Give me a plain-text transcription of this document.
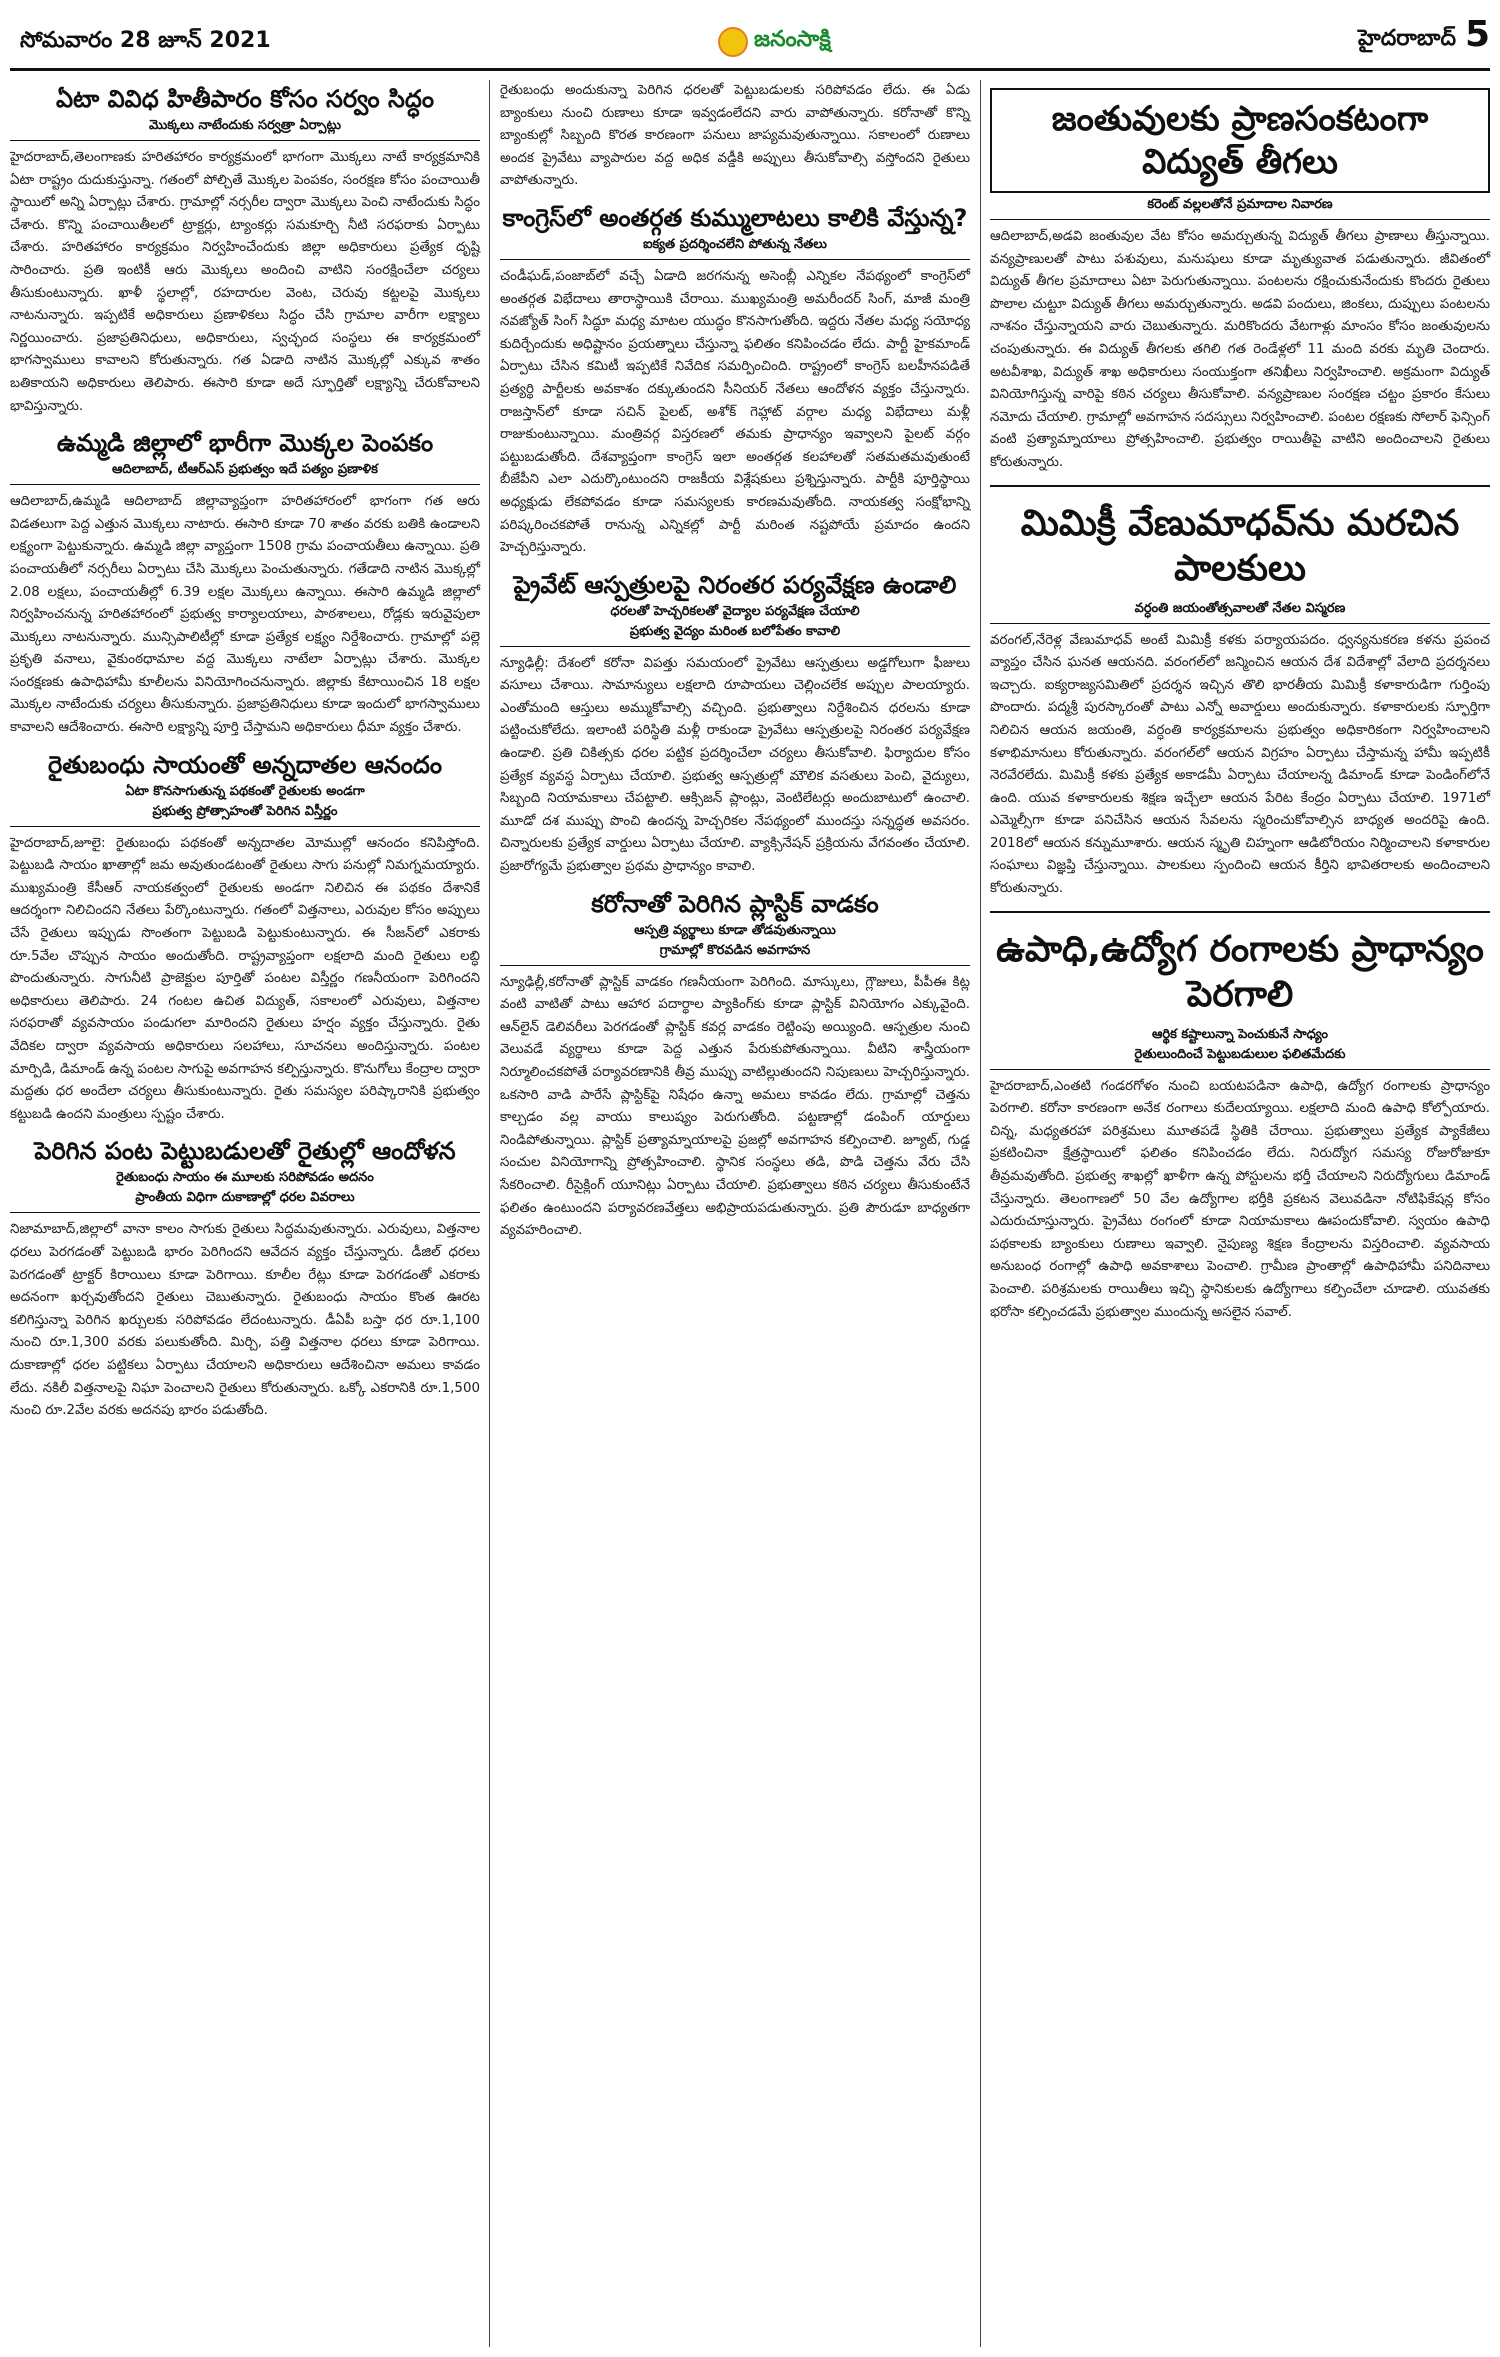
సోమవారం 28 జూన్ 2021	జనంసాక్షి	హైదరాబాద్ 5
ఏటా వివిధ హితీపారం కోసం సర్వం సిద్ధం
మొక్కలు నాటేందుకు సర్వత్రా ఏర్పాట్లు
హైదరాబాద్,తెలంగాణకు హరితహారం కార్యక్రమంలో భాగంగా మొక్కలు నాటే కార్యక్రమానికి ఏటా రాష్ట్రం దుదుకుస్తున్నా. గతంలో పోల్చితే మొక్కల పెంపకం, సంరక్షణ కోసం పంచాయితీ స్థాయిలో అన్ని ఏర్పాట్లు చేశారు. గ్రామాల్లో నర్సరీల ద్వారా మొక్కలు పెంచి నాటేందుకు సిద్ధం చేశారు. కొన్ని పంచాయితీలలో ట్రాక్టర్లు, ట్యాంకర్లు సమకూర్చి నీటి సరఫరాకు ఏర్పాటు చేశారు. హరితహారం కార్యక్రమం నిర్వహించేందుకు జిల్లా అధికారులు ప్రత్యేక దృష్టి సారించారు. ప్రతి ఇంటికీ ఆరు మొక్కలు అందించి వాటిని సంరక్షించేలా చర్యలు తీసుకుంటున్నారు. ఖాళీ స్థలాల్లో, రహదారుల వెంట, చెరువు కట్టలపై మొక్కలు నాటనున్నారు. ఇప్పటికే అధికారులు ప్రణాళికలు సిద్ధం చేసి గ్రామాల వారీగా లక్ష్యాలు నిర్ణయించారు. ప్రజాప్రతినిధులు, అధికారులు, స్వచ్ఛంద సంస్థలు ఈ కార్యక్రమంలో భాగస్వాములు కావాలని కోరుతున్నారు. గత ఏడాది నాటిన మొక్కల్లో ఎక్కువ శాతం బతికాయని అధికారులు తెలిపారు. ఈసారి కూడా అదే స్ఫూర్తితో లక్ష్యాన్ని చేరుకోవాలని భావిస్తున్నారు.
ఉమ్మడి జిల్లాలో భారీగా మొక్కల పెంపకం
ఆదిలాబాద్, టీఆర్‌ఎస్ ప్రభుత్వం ఇదే పత్యం ప్రణాళిక
ఆదిలాబాద్,ఉమ్మడి ఆదిలాబాద్ జిల్లావ్యాప్తంగా హరితహారంలో భాగంగా గత ఆరు విడతలుగా పెద్ద ఎత్తున మొక్కలు నాటారు. ఈసారి కూడా 70 శాతం వరకు బతికి ఉండాలని లక్ష్యంగా పెట్టుకున్నారు. ఉమ్మడి జిల్లా వ్యాప్తంగా 1508 గ్రామ పంచాయతీలు ఉన్నాయి. ప్రతి పంచాయతీలో నర్సరీలు ఏర్పాటు చేసి మొక్కలు పెంచుతున్నారు. గతేడాది నాటిన మొక్కల్లో 2.08 లక్షలు, పంచాయతీల్లో 6.39 లక్షల మొక్కలు ఉన్నాయి. ఈసారి ఉమ్మడి జిల్లాలో నిర్వహించనున్న హరితహారంలో ప్రభుత్వ కార్యాలయాలు, పాఠశాలలు, రోడ్లకు ఇరువైపులా మొక్కలు నాటనున్నారు. మున్సిపాలిటీల్లో కూడా ప్రత్యేక లక్ష్యం నిర్దేశించారు. గ్రామాల్లో పల్లె ప్రకృతి వనాలు, వైకుంఠధామాల వద్ద మొక్కలు నాటేలా ఏర్పాట్లు చేశారు. మొక్కల సంరక్షణకు ఉపాధిహామీ కూలీలను వినియోగించనున్నారు. జిల్లాకు కేటాయించిన 18 లక్షల మొక్కల నాటేందుకు చర్యలు తీసుకున్నారు. ప్రజాప్రతినిధులు కూడా ఇందులో భాగస్వాములు కావాలని ఆదేశించారు. ఈసారి లక్ష్యాన్ని పూర్తి చేస్తామని అధికారులు ధీమా వ్యక్తం చేశారు.
రైతుబంధు సాయంతో అన్నదాతల ఆనందం
ఏటా కొనసాగుతున్న పథకంతో రైతులకు అండగా
ప్రభుత్వ ప్రోత్సాహంతో పెరిగిన విస్తీర్ణం
హైదరాబాద్,జూలై: రైతుబంధు పథకంతో అన్నదాతల మోముల్లో ఆనందం కనిపిస్తోంది. పెట్టుబడి సాయం ఖాతాల్లో జమ అవుతుండటంతో రైతులు సాగు పనుల్లో నిమగ్నమయ్యారు. ముఖ్యమంత్రి కేసీఆర్ నాయకత్వంలో రైతులకు అండగా నిలిచిన ఈ పథకం దేశానికే ఆదర్శంగా నిలిచిందని నేతలు పేర్కొంటున్నారు. గతంలో విత్తనాలు, ఎరువుల కోసం అప్పులు చేసే రైతులు ఇప్పుడు సొంతంగా పెట్టుబడి పెట్టుకుంటున్నారు. ఈ సీజన్‌లో ఎకరాకు రూ.5వేల చొప్పున సాయం అందుతోంది. రాష్ట్రవ్యాప్తంగా లక్షలాది మంది రైతులు లబ్ధి పొందుతున్నారు. సాగునీటి ప్రాజెక్టుల పూర్తితో పంటల విస్తీర్ణం గణనీయంగా పెరిగిందని అధికారులు తెలిపారు. 24 గంటల ఉచిత విద్యుత్, సకాలంలో ఎరువులు, విత్తనాల సరఫరాతో వ్యవసాయం పండుగలా మారిందని రైతులు హర్షం వ్యక్తం చేస్తున్నారు. రైతు వేదికల ద్వారా వ్యవసాయ అధికారులు సలహాలు, సూచనలు అందిస్తున్నారు. పంటల మార్పిడి, డిమాండ్ ఉన్న పంటల సాగుపై అవగాహన కల్పిస్తున్నారు. కొనుగోలు కేంద్రాల ద్వారా మద్దతు ధర అందేలా చర్యలు తీసుకుంటున్నారు. రైతు సమస్యల పరిష్కారానికి ప్రభుత్వం కట్టుబడి ఉందని మంత్రులు స్పష్టం చేశారు.
పెరిగిన పంట పెట్టుబడులతో రైతుల్లో ఆందోళన
రైతుబంధు సాయం ఈ మూలకు సరిపోవడం అదనం
ప్రాంతీయ విధిగా దుకాణాల్లో ధరల వివరాలు
నిజామాబాద్,జిల్లాలో వానా కాలం సాగుకు రైతులు సిద్ధమవుతున్నారు. ఎరువులు, విత్తనాల ధరలు పెరగడంతో పెట్టుబడి భారం పెరిగిందని ఆవేదన వ్యక్తం చేస్తున్నారు. డీజిల్ ధరలు పెరగడంతో ట్రాక్టర్ కిరాయిలు కూడా పెరిగాయి. కూలీల రేట్లు కూడా పెరగడంతో ఎకరాకు అదనంగా ఖర్చవుతోందని రైతులు చెబుతున్నారు. రైతుబంధు సాయం కొంత ఊరట కలిగిస్తున్నా పెరిగిన ఖర్చులకు సరిపోవడం లేదంటున్నారు. డీఏపీ బస్తా ధర రూ.1,100 నుంచి రూ.1,300 వరకు పలుకుతోంది. మిర్చి, పత్తి విత్తనాల ధరలు కూడా పెరిగాయి. దుకాణాల్లో ధరల పట్టికలు ఏర్పాటు చేయాలని అధికారులు ఆదేశించినా అమలు కావడం లేదు. నకిలీ విత్తనాలపై నిఘా పెంచాలని రైతులు కోరుతున్నారు. ఒక్కో ఎకరానికి రూ.1,500 నుంచి రూ.2వేల వరకు అదనపు భారం పడుతోంది.
రైతుబంధు అందుకున్నా పెరిగిన ధరలతో పెట్టుబడులకు సరిపోవడం లేదు. ఈ ఏడు బ్యాంకులు నుంచి రుణాలు కూడా ఇవ్వడంలేదని వారు వాపోతున్నారు. కరోనాతో కొన్ని బ్యాంకుల్లో సిబ్బంది కొరత కారణంగా పనులు జాప్యమవుతున్నాయి. సకాలంలో రుణాలు అందక ప్రైవేటు వ్యాపారుల వద్ద అధిక వడ్డీకి అప్పులు తీసుకోవాల్సి వస్తోందని రైతులు వాపోతున్నారు.
కాంగ్రెస్‌లో అంతర్గత కుమ్ములాటలు కాలికి వేస్తున్న?
ఐక్యత ప్రదర్శించలేని పోతున్న నేతలు
చండీఘడ్,పంజాబ్‌లో వచ్చే ఏడాది జరగనున్న అసెంబ్లీ ఎన్నికల నేపథ్యంలో కాంగ్రెస్‌లో అంతర్గత విభేదాలు తారాస్థాయికి చేరాయి. ముఖ్యమంత్రి అమరీందర్ సింగ్, మాజీ మంత్రి నవజ్యోత్ సింగ్ సిద్ధూ మధ్య మాటల యుద్ధం కొనసాగుతోంది. ఇద్దరు నేతల మధ్య సయోధ్య కుదిర్చేందుకు అధిష్టానం ప్రయత్నాలు చేస్తున్నా ఫలితం కనిపించడం లేదు. పార్టీ హైకమాండ్ ఏర్పాటు చేసిన కమిటీ ఇప్పటికే నివేదిక సమర్పించింది. రాష్ట్రంలో కాంగ్రెస్ బలహీనపడితే ప్రత్యర్థి పార్టీలకు అవకాశం దక్కుతుందని సీనియర్ నేతలు ఆందోళన వ్యక్తం చేస్తున్నారు. రాజస్తాన్‌లో కూడా సచిన్ పైలట్, అశోక్ గెహ్లాట్ వర్గాల మధ్య విభేదాలు మళ్లీ రాజుకుంటున్నాయి. మంత్రివర్గ విస్తరణలో తమకు ప్రాధాన్యం ఇవ్వాలని పైలట్ వర్గం పట్టుబడుతోంది. దేశవ్యాప్తంగా కాంగ్రెస్ ఇలా అంతర్గత కలహాలతో సతమతమవుతుంటే బీజేపీని ఎలా ఎదుర్కొంటుందని రాజకీయ విశ్లేషకులు ప్రశ్నిస్తున్నారు. పార్టీకి పూర్తిస్థాయి అధ్యక్షుడు లేకపోవడం కూడా సమస్యలకు కారణమవుతోంది. నాయకత్వ సంక్షోభాన్ని పరిష్కరించకపోతే రానున్న ఎన్నికల్లో పార్టీ మరింత నష్టపోయే ప్రమాదం ఉందని హెచ్చరిస్తున్నారు.
ప్రైవేట్ ఆస్పత్రులపై నిరంతర పర్యవేక్షణ ఉండాలి
ధరలతో హెచ్చరికలతో వైద్యాల పర్యవేక్షణ చేయాలి
ప్రభుత్వ వైద్యం మరింత బలోపేతం కావాలి
న్యూఢిల్లీ: దేశంలో కరోనా విపత్తు సమయంలో ప్రైవేటు ఆస్పత్రులు అడ్డగోలుగా ఫీజులు వసూలు చేశాయి. సామాన్యులు లక్షలాది రూపాయలు చెల్లించలేక అప్పుల పాలయ్యారు. ఎంతోమంది ఆస్తులు అమ్ముకోవాల్సి వచ్చింది. ప్రభుత్వాలు నిర్దేశించిన ధరలను కూడా పట్టించుకోలేదు. ఇలాంటి పరిస్థితి మళ్లీ రాకుండా ప్రైవేటు ఆస్పత్రులపై నిరంతర పర్యవేక్షణ ఉండాలి. ప్రతి చికిత్సకు ధరల పట్టిక ప్రదర్శించేలా చర్యలు తీసుకోవాలి. ఫిర్యాదుల కోసం ప్రత్యేక వ్యవస్థ ఏర్పాటు చేయాలి. ప్రభుత్వ ఆస్పత్రుల్లో మౌలిక వసతులు పెంచి, వైద్యులు, సిబ్బంది నియామకాలు చేపట్టాలి. ఆక్సిజన్ ప్లాంట్లు, వెంటిలేటర్లు అందుబాటులో ఉంచాలి. మూడో దశ ముప్పు పొంచి ఉందన్న హెచ్చరికల నేపథ్యంలో ముందస్తు సన్నద్ధత అవసరం. చిన్నారులకు ప్రత్యేక వార్డులు ఏర్పాటు చేయాలి. వ్యాక్సినేషన్ ప్రక్రియను వేగవంతం చేయాలి. ప్రజారోగ్యమే ప్రభుత్వాల ప్రథమ ప్రాధాన్యం కావాలి.
కరోనాతో పెరిగిన ప్లాస్టిక్ వాడకం
ఆస్పత్రి వ్యర్థాలు కూడా తోడవుతున్నాయి
గ్రామాల్లో కొరవడిన అవగాహన
న్యూఢిల్లీ,కరోనాతో ప్లాస్టిక్ వాడకం గణనీయంగా పెరిగింది. మాస్కులు, గ్లౌజులు, పీపీఈ కిట్ల వంటి వాటితో పాటు ఆహార పదార్థాల ప్యాకింగ్‌కు కూడా ప్లాస్టిక్ వినియోగం ఎక్కువైంది. ఆన్‌లైన్ డెలివరీలు పెరగడంతో ప్లాస్టిక్ కవర్ల వాడకం రెట్టింపు అయ్యింది. ఆస్పత్రుల నుంచి వెలువడే వ్యర్థాలు కూడా పెద్ద ఎత్తున పేరుకుపోతున్నాయి. వీటిని శాస్త్రీయంగా నిర్మూలించకపోతే పర్యావరణానికి తీవ్ర ముప్పు వాటిల్లుతుందని నిపుణులు హెచ్చరిస్తున్నారు. ఒకసారి వాడి పారేసే ప్లాస్టిక్‌పై నిషేధం ఉన్నా అమలు కావడం లేదు. గ్రామాల్లో చెత్తను కాల్చడం వల్ల వాయు కాలుష్యం పెరుగుతోంది. పట్టణాల్లో డంపింగ్ యార్డులు నిండిపోతున్నాయి. ప్లాస్టిక్ ప్రత్యామ్నాయాలపై ప్రజల్లో అవగాహన కల్పించాలి. జ్యూట్, గుడ్డ సంచుల వినియోగాన్ని ప్రోత్సహించాలి. స్థానిక సంస్థలు తడి, పొడి చెత్తను వేరు చేసి సేకరించాలి. రీసైక్లింగ్ యూనిట్లు ఏర్పాటు చేయాలి. ప్రభుత్వాలు కఠిన చర్యలు తీసుకుంటేనే ఫలితం ఉంటుందని పర్యావరణవేత్తలు అభిప్రాయపడుతున్నారు. ప్రతి పౌరుడూ బాధ్యతగా వ్యవహరించాలి.
జంతువులకు ప్రాణసంకటంగా విద్యుత్ తీగలు
కరెంట్ వల్లలతోనే ప్రమాదాల నివారణ
ఆదిలాబాద్,అడవి జంతువుల వేట కోసం అమర్చుతున్న విద్యుత్ తీగలు ప్రాణాలు తీస్తున్నాయి. వన్యప్రాణులతో పాటు పశువులు, మనుషులు కూడా మృత్యువాత పడుతున్నారు. జీవితంలో విద్యుత్ తీగల ప్రమాదాలు ఏటా పెరుగుతున్నాయి. పంటలను రక్షించుకునేందుకు కొందరు రైతులు పొలాల చుట్టూ విద్యుత్ తీగలు అమర్చుతున్నారు. అడవి పందులు, జింకలు, దుప్పులు పంటలను నాశనం చేస్తున్నాయని వారు చెబుతున్నారు. మరికొందరు వేటగాళ్లు మాంసం కోసం జంతువులను చంపుతున్నారు. ఈ విద్యుత్ తీగలకు తగిలి గత రెండేళ్లలో 11 మంది వరకు మృతి చెందారు. అటవీశాఖ, విద్యుత్ శాఖ అధికారులు సంయుక్తంగా తనిఖీలు నిర్వహించాలి. అక్రమంగా విద్యుత్ వినియోగిస్తున్న వారిపై కఠిన చర్యలు తీసుకోవాలి. వన్యప్రాణుల సంరక్షణ చట్టం ప్రకారం కేసులు నమోదు చేయాలి. గ్రామాల్లో అవగాహన సదస్సులు నిర్వహించాలి. పంటల రక్షణకు సోలార్ ఫెన్సింగ్ వంటి ప్రత్యామ్నాయాలు ప్రోత్సహించాలి. ప్రభుత్వం రాయితీపై వాటిని అందించాలని రైతులు కోరుతున్నారు.
మిమిక్రీ వేణుమాధవ్‌ను మరచిన పాలకులు
వర్ధంతి జయంతోత్సవాలతో నేతల విస్మరణ
వరంగల్,నేరెళ్ల వేణుమాధవ్ అంటే మిమిక్రీ కళకు పర్యాయపదం. ధ్వన్యనుకరణ కళను ప్రపంచ వ్యాప్తం చేసిన ఘనత ఆయనది. వరంగల్‌లో జన్మించిన ఆయన దేశ విదేశాల్లో వేలాది ప్రదర్శనలు ఇచ్చారు. ఐక్యరాజ్యసమితిలో ప్రదర్శన ఇచ్చిన తొలి భారతీయ మిమిక్రీ కళాకారుడిగా గుర్తింపు పొందారు. పద్మశ్రీ పురస్కారంతో పాటు ఎన్నో అవార్డులు అందుకున్నారు. కళాకారులకు స్ఫూర్తిగా నిలిచిన ఆయన జయంతి, వర్ధంతి కార్యక్రమాలను ప్రభుత్వం అధికారికంగా నిర్వహించాలని కళాభిమానులు కోరుతున్నారు. వరంగల్‌లో ఆయన విగ్రహం ఏర్పాటు చేస్తామన్న హామీ ఇప్పటికీ నెరవేరలేదు. మిమిక్రీ కళకు ప్రత్యేక అకాడమీ ఏర్పాటు చేయాలన్న డిమాండ్ కూడా పెండింగ్‌లోనే ఉంది. యువ కళాకారులకు శిక్షణ ఇచ్చేలా ఆయన పేరిట కేంద్రం ఏర్పాటు చేయాలి. 1971లో ఎమ్మెల్సీగా కూడా పనిచేసిన ఆయన సేవలను స్మరించుకోవాల్సిన బాధ్యత అందరిపై ఉంది. 2018లో ఆయన కన్నుమూశారు. ఆయన స్మృతి చిహ్నంగా ఆడిటోరియం నిర్మించాలని కళాకారుల సంఘాలు విజ్ఞప్తి చేస్తున్నాయి. పాలకులు స్పందించి ఆయన కీర్తిని భావితరాలకు అందించాలని కోరుతున్నారు.
ఉపాధి,ఉద్యోగ రంగాలకు ప్రాధాన్యం పెరగాలి
ఆర్థిక కష్టాలున్నా పెంచుకునే సాధ్యం
రైతులుందించే పెట్టుబడులుల ఫలితమేదకు
హైదరాబాద్,ఎంతటి గండరగోళం నుంచి బయటపడినా ఉపాధి, ఉద్యోగ రంగాలకు ప్రాధాన్యం పెరగాలి. కరోనా కారణంగా అనేక రంగాలు కుదేలయ్యాయి. లక్షలాది మంది ఉపాధి కోల్పోయారు. చిన్న, మధ్యతరహా పరిశ్రమలు మూతపడే స్థితికి చేరాయి. ప్రభుత్వాలు ప్రత్యేక ప్యాకేజీలు ప్రకటించినా క్షేత్రస్థాయిలో ఫలితం కనిపించడం లేదు. నిరుద్యోగ సమస్య రోజురోజుకూ తీవ్రమవుతోంది. ప్రభుత్వ శాఖల్లో ఖాళీగా ఉన్న పోస్టులను భర్తీ చేయాలని నిరుద్యోగులు డిమాండ్ చేస్తున్నారు. తెలంగాణలో 50 వేల ఉద్యోగాల భర్తీకి ప్రకటన వెలువడినా నోటిఫికేషన్ల కోసం ఎదురుచూస్తున్నారు. ప్రైవేటు రంగంలో కూడా నియామకాలు ఊపందుకోవాలి. స్వయం ఉపాధి పథకాలకు బ్యాంకులు రుణాలు ఇవ్వాలి. నైపుణ్య శిక్షణ కేంద్రాలను విస్తరించాలి. వ్యవసాయ అనుబంధ రంగాల్లో ఉపాధి అవకాశాలు పెంచాలి. గ్రామీణ ప్రాంతాల్లో ఉపాధిహామీ పనిదినాలు పెంచాలి. పరిశ్రమలకు రాయితీలు ఇచ్చి స్థానికులకు ఉద్యోగాలు కల్పించేలా చూడాలి. యువతకు భరోసా కల్పించడమే ప్రభుత్వాల ముందున్న అసలైన సవాల్.
